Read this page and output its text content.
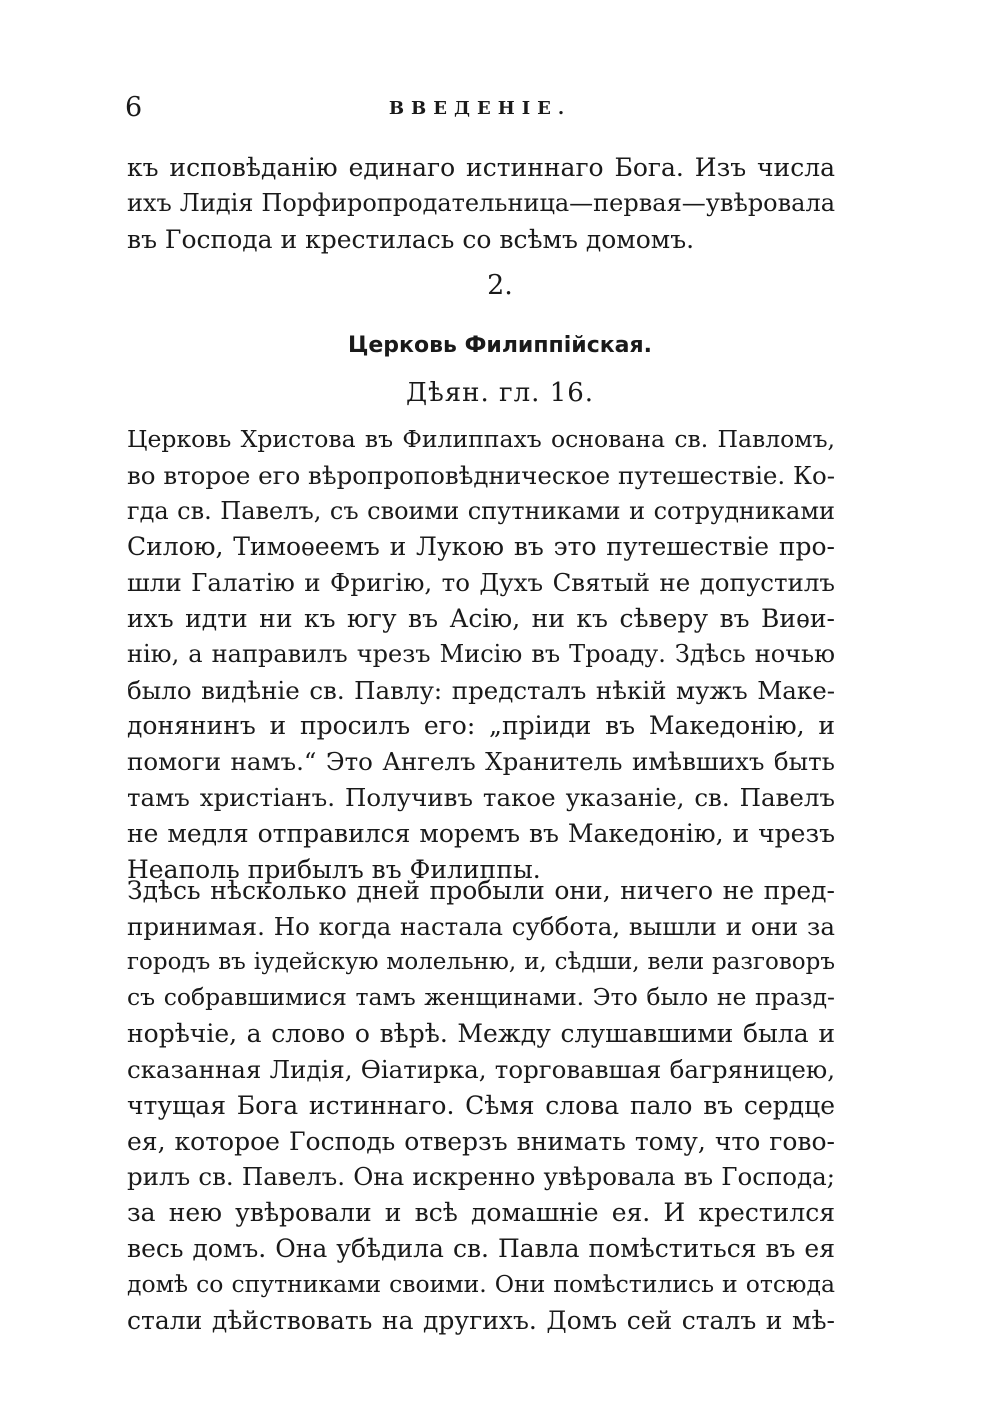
6	ВВЕДЕНІЕ.
къ исповѣданію единаго истиннаго Бога. Изъ числа
ихъ Лидія Порфиропродательница—первая—увѣровала
въ Господа и крестилась со всѣмъ домомъ.
2.
Церковь Филиппійская.
Дѣян. гл. 16.
Церковь Христова въ Филиппахъ основана св. Павломъ,
во второе его вѣропроповѣдническое путешествіе. Ко-
гда св. Павелъ, съ своими спутниками и сотрудниками
Силою, Тимоѳеемъ и Лукою въ это путешествіе про-
шли Галатію и Фригію, то Духъ Святый не допустилъ
ихъ идти ни къ югу въ Асію, ни къ сѣверу въ Виѳи-
нію, а направилъ чрезъ Мисію въ Троаду. Здѣсь ночью
было видѣніе св. Павлу: предсталъ нѣкій мужъ Маке-
донянинъ и просилъ его: „пріиди въ Македонію, и
помоги намъ.“ Это Ангелъ Хранитель имѣвшихъ быть
тамъ христіанъ. Получивъ такое указаніе, св. Павелъ
не медля отправился моремъ въ Македонію, и чрезъ
Неаполь прибылъ въ Филиппы.
Здѣсь нѣсколько дней пробыли они, ничего не пред-
принимая. Но когда настала суббота, вышли и они за
городъ въ іудейскую молельню, и, сѣдши, вели разговоръ
съ собравшимися тамъ женщинами. Это было не празд-
норѣчіе, а слово о вѣрѣ. Между слушавшими была и
сказанная Лидія, Ѳіатирка, торговавшая багряницею,
чтущая Бога истиннаго. Сѣмя слова пало въ сердце
ея, которое Господь отверзъ внимать тому, что гово-
рилъ св. Павелъ. Она искренно увѣровала въ Господа;
за нею увѣровали и всѣ домашніе ея. И крестился
весь домъ. Она убѣдила св. Павла помѣститься въ ея
домѣ со спутниками своими. Они помѣстились и отсюда
стали дѣйствовать на другихъ. Домъ сей сталъ и мѣ-
